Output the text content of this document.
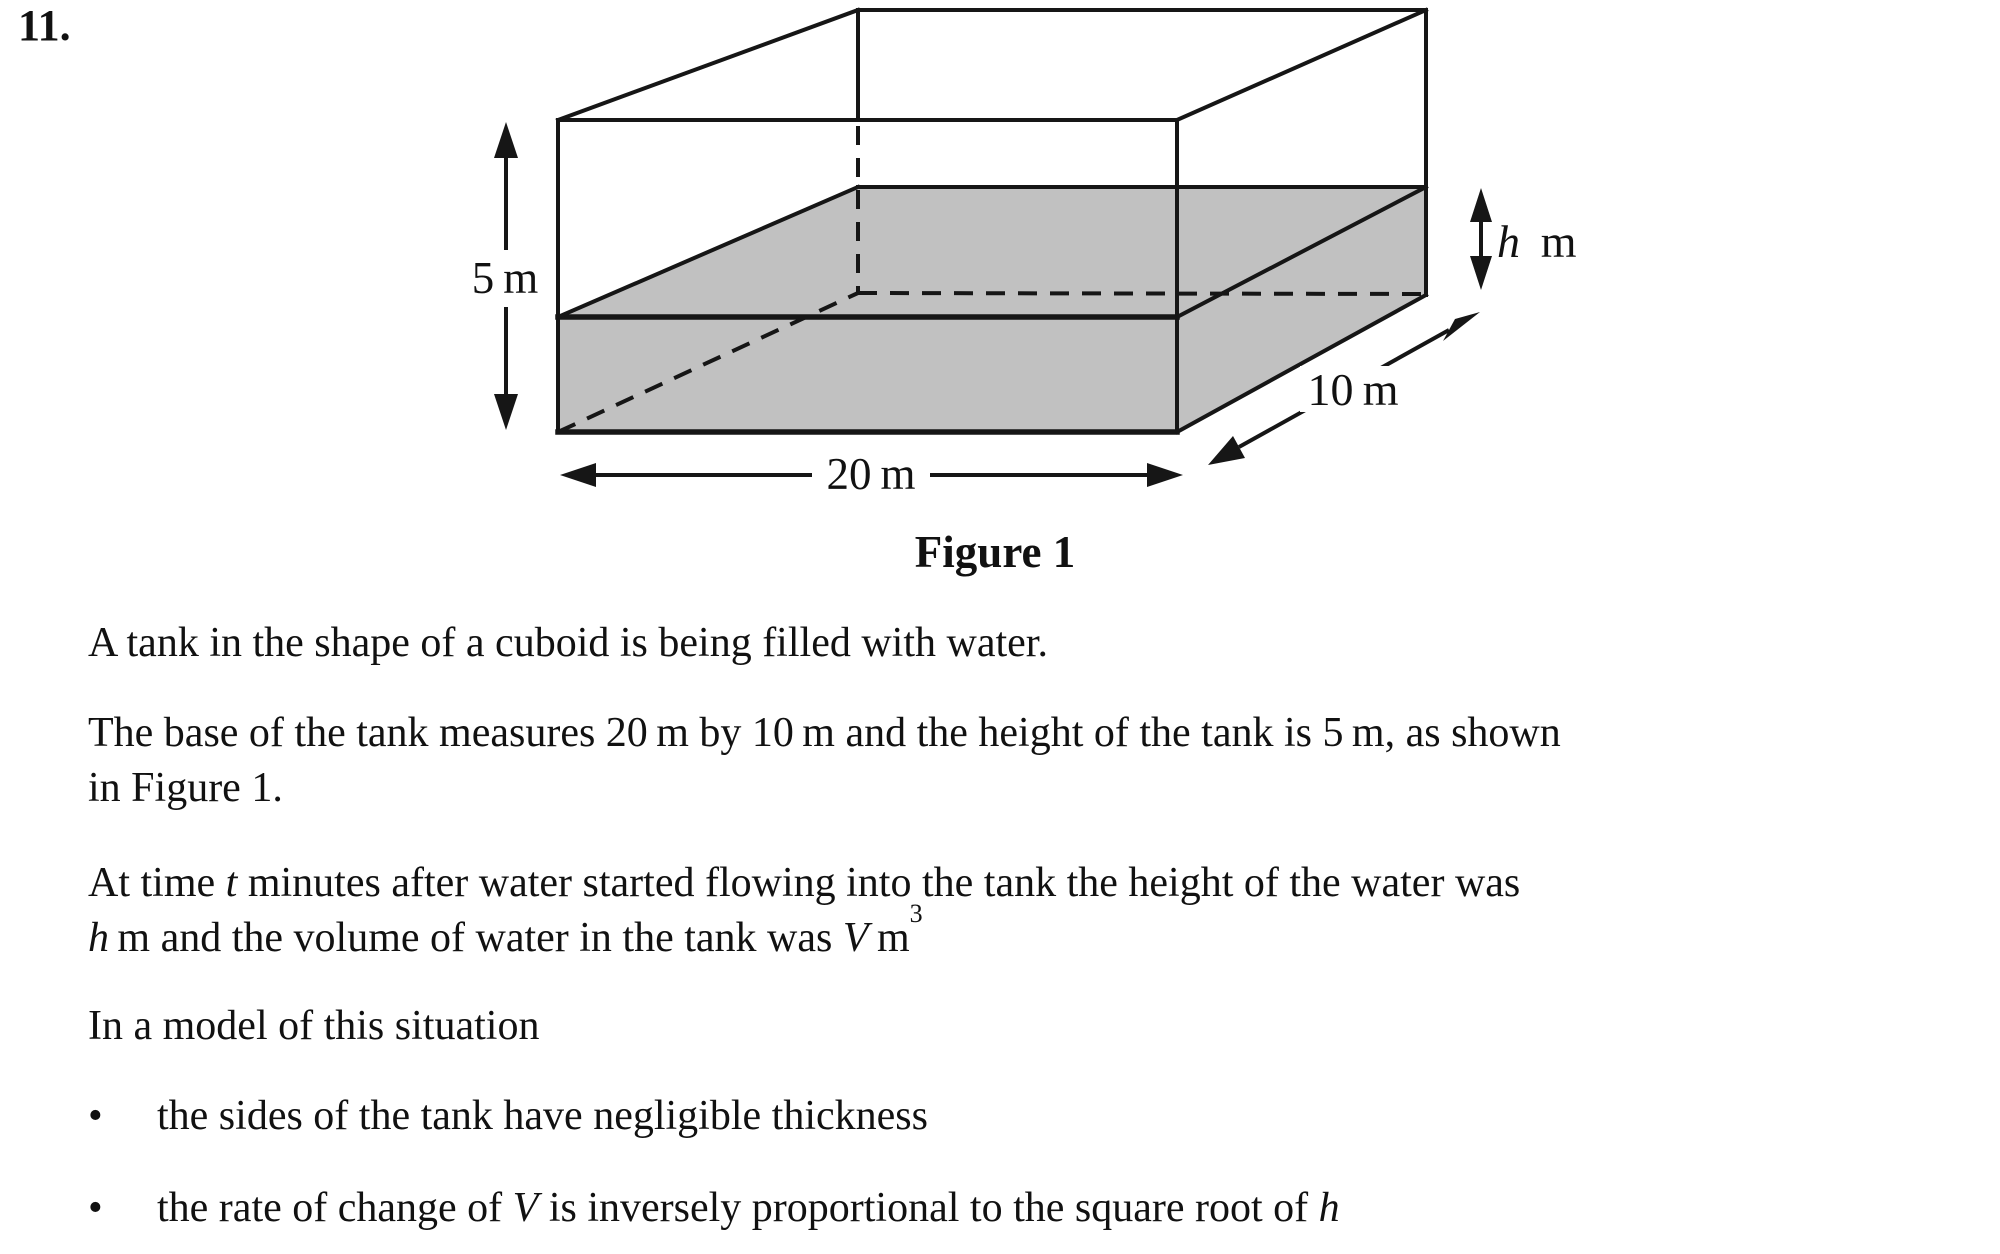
11.
5 m
20 m
10 m
h  m
Figure 1
A tank in the shape of a cuboid is being filled with water.
The base of the tank measures 20 m by 10 m and the height of the tank is 5 m, as shown
in Figure 1.
At time t minutes after water started flowing into the tank the height of the water was
h m and the volume of water in the tank was V $m^3$
In a model of this situation
• the sides of the tank have negligible thickness
• the rate of change of V is inversely proportional to the square root of h
